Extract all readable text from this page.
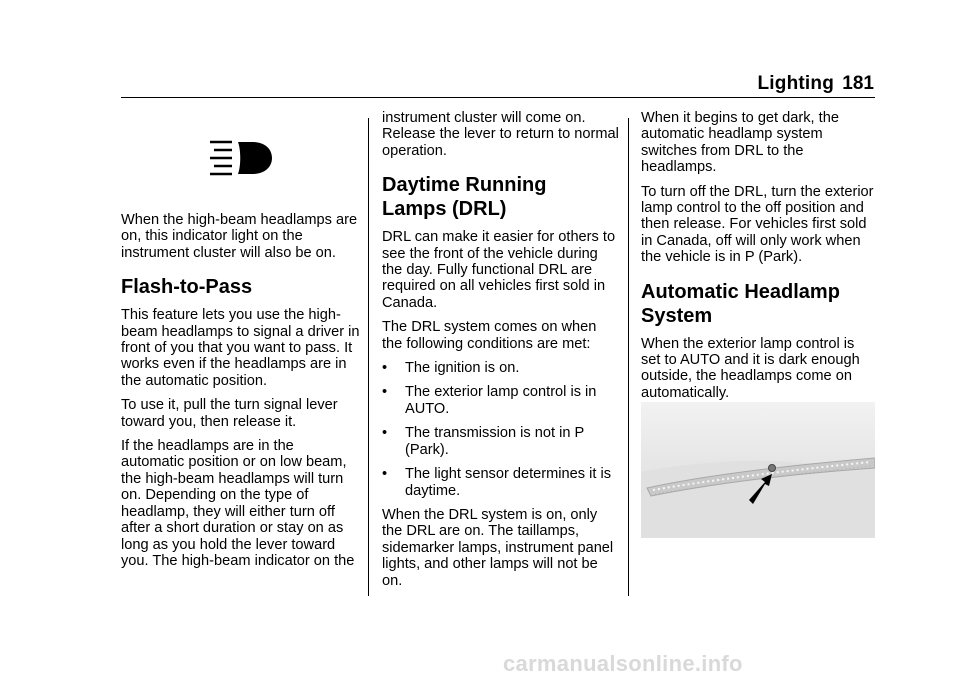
Lighting 181

When the high-beam headlamps are on, this indicator light on the instrument cluster will also be on.

Flash-to-Pass

This feature lets you use the high-beam headlamps to signal a driver in front of you that you want to pass. It works even if the headlamps are in the automatic position.

To use it, pull the turn signal lever toward you, then release it.

If the headlamps are in the automatic position or on low beam, the high-beam headlamps will turn on. Depending on the type of headlamp, they will either turn off after a short duration or stay on as long as you hold the lever toward you. The high-beam indicator on the

instrument cluster will come on. Release the lever to return to normal operation.

Daytime Running Lamps (DRL)

DRL can make it easier for others to see the front of the vehicle during the day. Fully functional DRL are required on all vehicles first sold in Canada.

The DRL system comes on when the following conditions are met:

• The ignition is on.
• The exterior lamp control is in AUTO.
• The transmission is not in P (Park).
• The light sensor determines it is daytime.

When the DRL system is on, only the DRL are on. The taillamps, sidemarker lamps, instrument panel lights, and other lamps will not be on.

When it begins to get dark, the automatic headlamp system switches from DRL to the headlamps.

To turn off the DRL, turn the exterior lamp control to the off position and then release. For vehicles first sold in Canada, off will only work when the vehicle is in P (Park).

Automatic Headlamp System

When the exterior lamp control is set to AUTO and it is dark enough outside, the headlamps come on automatically.

carmanualsonline.info
